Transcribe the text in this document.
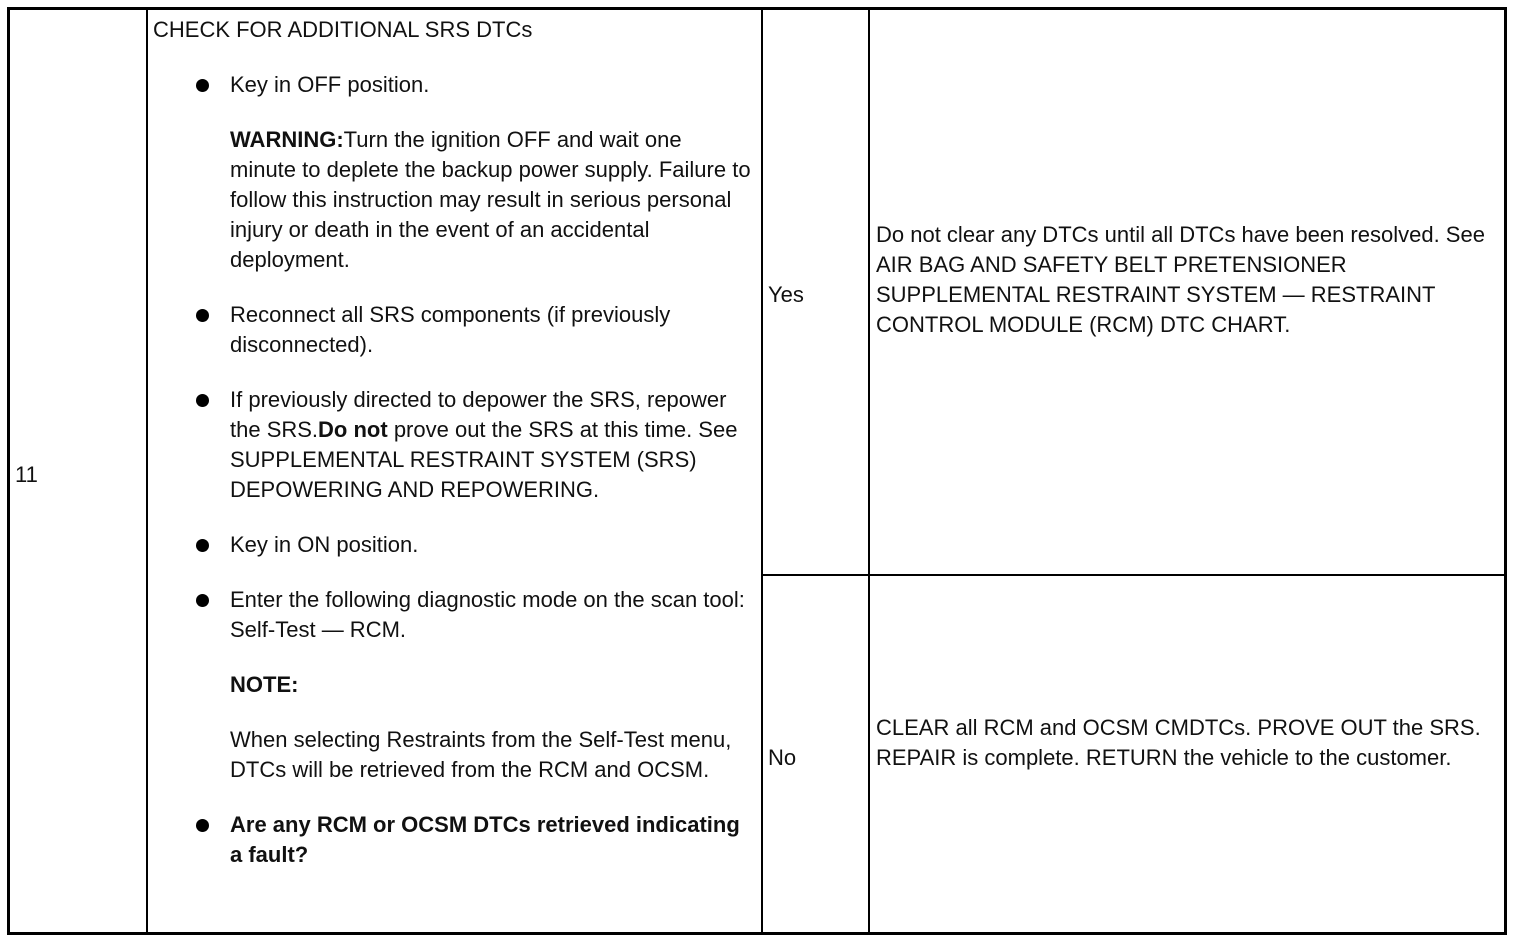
11
CHECK FOR ADDITIONAL SRS DTCs
Key in OFF position.
WARNING:Turn the ignition OFF and wait one minute to deplete the backup power supply. Failure to follow this instruction may result in serious personal injury or death in the event of an accidental deployment.
Reconnect all SRS components (if previously disconnected).
If previously directed to depower the SRS, repower the SRS.Do not prove out the SRS at this time. See SUPPLEMENTAL RESTRAINT SYSTEM (SRS) DEPOWERING AND REPOWERING.
Key in ON position.
Enter the following diagnostic mode on the scan tool: Self-Test — RCM.
NOTE:
When selecting Restraints from the Self-Test menu, DTCs will be retrieved from the RCM and OCSM.
Are any RCM or OCSM DTCs retrieved indicating a fault?
Yes
Do not clear any DTCs until all DTCs have been resolved. See AIR BAG AND SAFETY BELT PRETENSIONER SUPPLEMENTAL RESTRAINT SYSTEM — RESTRAINT CONTROL MODULE (RCM) DTC CHART.
No
CLEAR all RCM and OCSM CMDTCs. PROVE OUT the SRS. REPAIR is complete. RETURN the vehicle to the customer.
